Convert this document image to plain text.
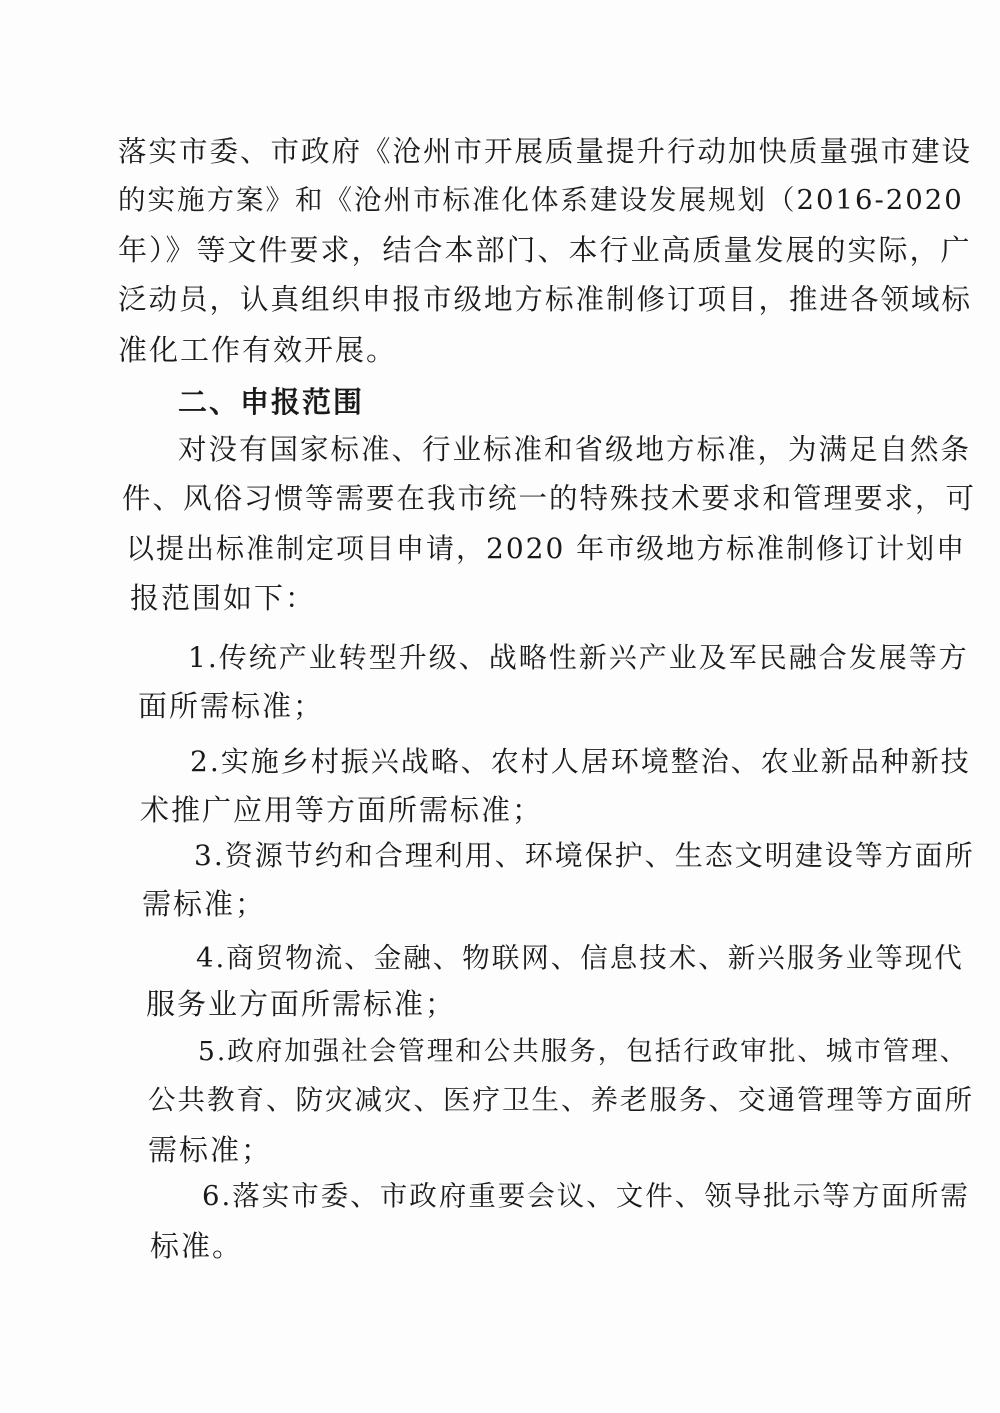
落实市委、市政府《沧州市开展质量提升行动加快质量强市建设
的实施方案》和《沧州市标准化体系建设发展规划（2016-2020
年）》等文件要求，结合本部门、本行业高质量发展的实际，广
泛动员，认真组织申报市级地方标准制修订项目，推进各领域标
准化工作有效开展。
二、申报范围
对没有国家标准、行业标准和省级地方标准，为满足自然条
件、风俗习惯等需要在我市统一的特殊技术要求和管理要求，可
以提出标准制定项目申请，2020 年市级地方标准制修订计划申
报范围如下：
1.传统产业转型升级、战略性新兴产业及军民融合发展等方
面所需标准；
2.实施乡村振兴战略、农村人居环境整治、农业新品种新技
术推广应用等方面所需标准；
3.资源节约和合理利用、环境保护、生态文明建设等方面所
需标准；
4.商贸物流、金融、物联网、信息技术、新兴服务业等现代
服务业方面所需标准；
5.政府加强社会管理和公共服务，包括行政审批、城市管理、
公共教育、防灾减灾、医疗卫生、养老服务、交通管理等方面所
需标准；
6.落实市委、市政府重要会议、文件、领导批示等方面所需
标准。
